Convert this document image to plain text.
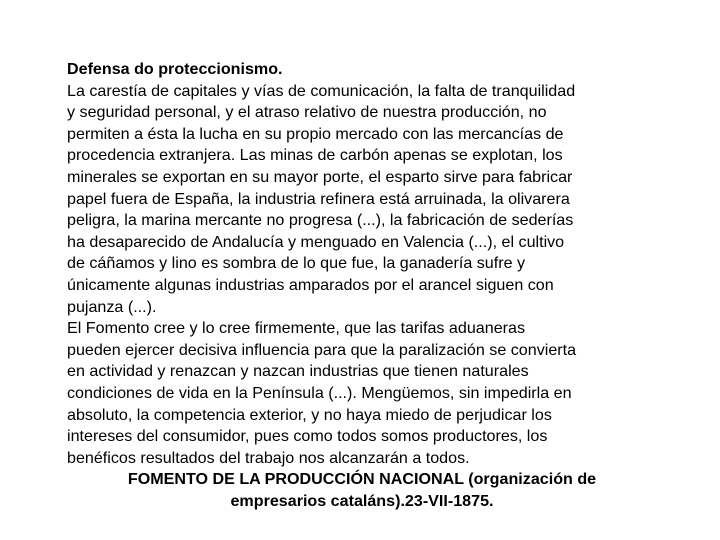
Defensa do proteccionismo.
La carestía de capitales y vías de comunicación, la falta de tranquilidad
y seguridad personal, y el atraso relativo de nuestra producción, no
permiten a ésta la lucha en su propio mercado con las mercancías de
procedencia extranjera. Las minas de carbón apenas se explotan, los
minerales se exportan en su mayor porte, el esparto sirve para fabricar
papel fuera de España, la industria refinera está arruinada, la olivarera
peligra, la marina mercante no progresa (...), la fabricación de sederías
ha desaparecido de Andalucía y menguado en Valencia (...), el cultivo
de cáñamos y lino es sombra de lo que fue, la ganadería sufre y
únicamente algunas industrias amparados por el arancel siguen con
pujanza (...).
El Fomento cree y lo cree firmemente, que las tarifas aduaneras
pueden ejercer decisiva influencia para que la paralización se convierta
en actividad y renazcan y nazcan industrias que tienen naturales
condiciones de vida en la Península (...). Mengüemos, sin impedirla en
absoluto, la competencia exterior, y no haya miedo de perjudicar los
intereses del consumidor, pues como todos somos productores, los
benéficos resultados del trabajo nos alcanzarán a todos.
FOMENTO DE LA PRODUCCIÓN NACIONAL (organización de
empresarios cataláns).23-VII-1875.
